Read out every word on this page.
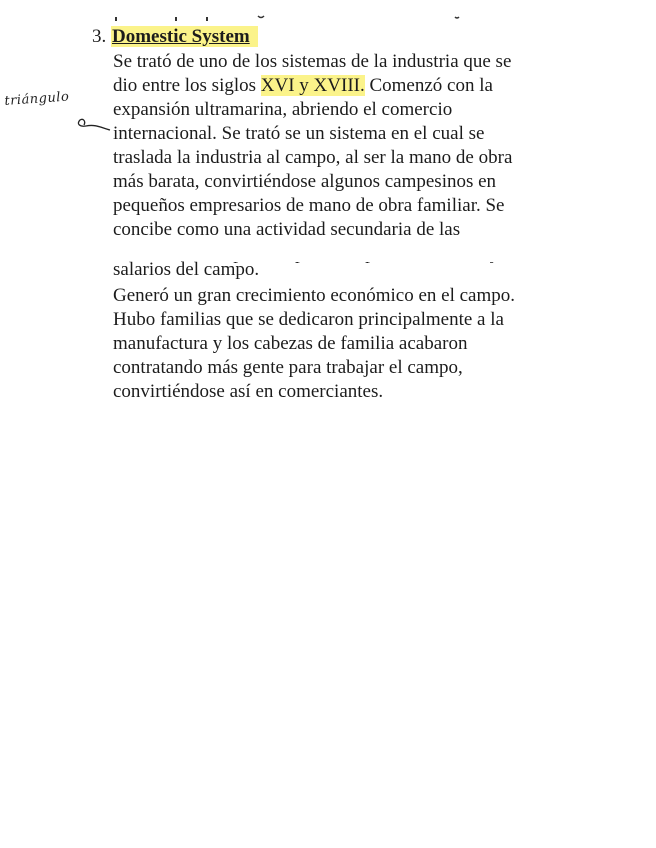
3. Domestic System
triángulo
Se trató de uno de los sistemas de la industria que se
dio entre los siglos XVI y XVIII. Comenzó con la
expansión ultramarina, abriendo el comercio
internacional. Se trató se un sistema en el cual se
traslada la industria al campo, al ser la mano de obra
más barata, convirtiéndose algunos campesinos en
pequeños empresarios de mano de obra familiar. Se
concibe como una actividad secundaria de las
salarios del campo.
Generó un gran crecimiento económico en el campo.
Hubo familias que se dedicaron principalmente a la
manufactura y los cabezas de familia acabaron
contratando más gente para trabajar el campo,
convirtiéndose así en comerciantes.
